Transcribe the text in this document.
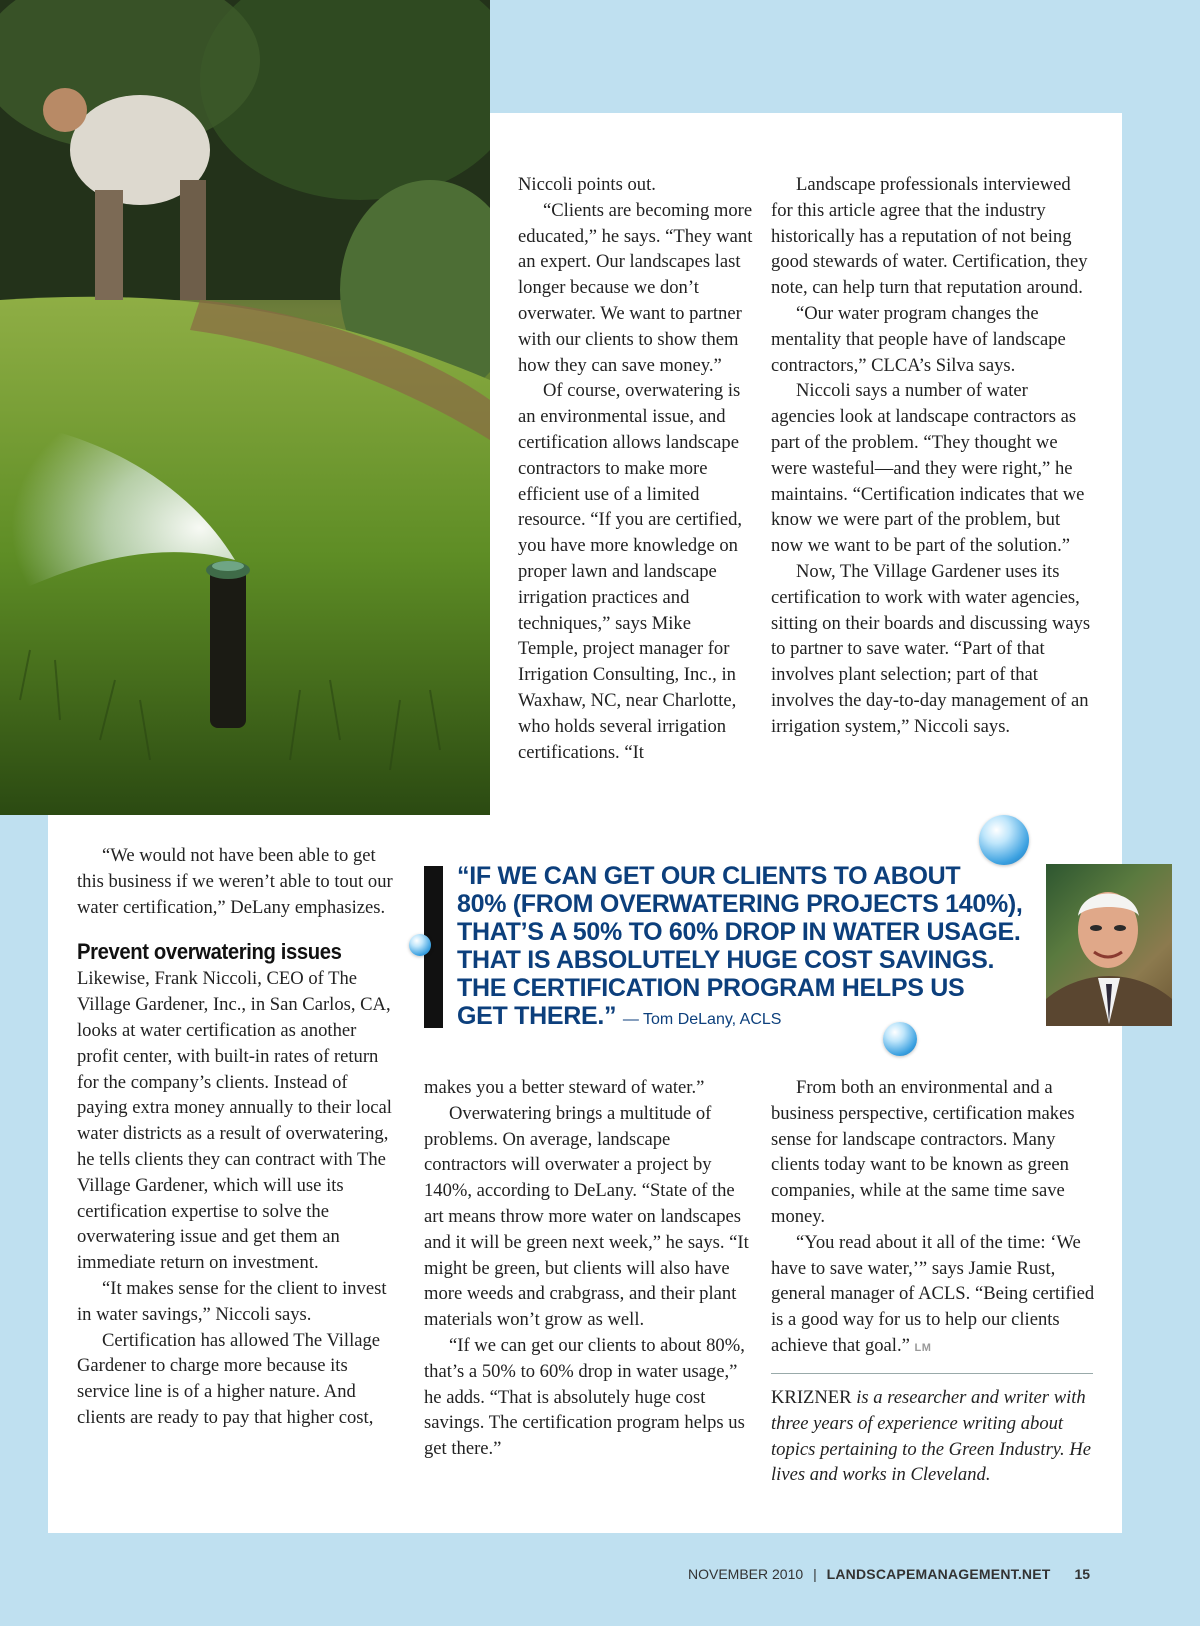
Niccoli points out.

“Clients are becoming more educated,” he says. “They want an expert. Our landscapes last longer because we don’t overwater. We want to partner with our clients to show them how they can save money.”

Of course, overwatering is an environmental issue, and certification allows landscape contractors to make more efficient use of a limited resource. “If you are certified, you have more knowledge on proper lawn and landscape irrigation practices and techniques,” says Mike Temple, project manager for Irrigation Consulting, Inc., in Waxhaw, NC, near Charlotte, who holds several irrigation certifications. “It

Landscape professionals interviewed for this article agree that the industry historically has a reputation of not being good stewards of water. Certification, they note, can help turn that reputation around.

“Our water program changes the mentality that people have of landscape contractors,” CLCA’s Silva says.

Niccoli says a number of water agencies look at landscape contractors as part of the problem. “They thought we were wasteful—and they were right,” he maintains. “Certification indicates that we know we were part of the problem, but now we want to be part of the solution.”

Now, The Village Gardener uses its certification to work with water agencies, sitting on their boards and discussing ways to partner to save water. “Part of that involves plant selection; part of that involves the day-to-day management of an irrigation system,” Niccoli says.

“We would not have been able to get this business if we weren’t able to tout our water certification,” DeLany emphasizes.

Prevent overwatering issues

Likewise, Frank Niccoli, CEO of The Village Gardener, Inc., in San Carlos, CA, looks at water certification as another profit center, with built-in rates of return for the company’s clients. Instead of paying extra money annually to their local water districts as a result of overwatering, he tells clients they can contract with The Village Gardener, which will use its certification expertise to solve the overwatering issue and get them an immediate return on investment.

“It makes sense for the client to invest in water savings,” Niccoli says.

Certification has allowed The Village Gardener to charge more because its service line is of a higher nature. And clients are ready to pay that higher cost,

makes you a better steward of water.”

Overwatering brings a multitude of problems. On average, landscape contractors will overwater a project by 140%, according to DeLany. “State of the art means throw more water on landscapes and it will be green next week,” he says. “It might be green, but clients will also have more weeds and crabgrass, and their plant materials won’t grow as well.

“If we can get our clients to about 80%, that’s a 50% to 60% drop in water usage,” he adds. “That is absolutely huge cost savings. The certification program helps us get there.”

From both an environmental and a business perspective, certification makes sense for landscape contractors. Many clients today want to be known as green companies, while at the same time save money.

“You read about it all of the time: ‘We have to save water,’” says Jamie Rust, general manager of ACLS. “Being certified is a good way for us to help our clients achieve that goal.” LM

KRIZNER is a researcher and writer with three years of experience writing about topics pertaining to the Green Industry. He lives and works in Cleveland.
“IF WE CAN GET OUR CLIENTS TO ABOUT
80% (FROM OVERWATERING PROJECTS 140%),
THAT’S A 50% TO 60% DROP IN WATER USAGE.
THAT IS ABSOLUTELY HUGE COST SAVINGS.
THE CERTIFICATION PROGRAM HELPS US
GET THERE.” — Tom DeLany, ACLS
NOVEMBER 2010 | LANDSCAPEMANAGEMENT.NET 15
